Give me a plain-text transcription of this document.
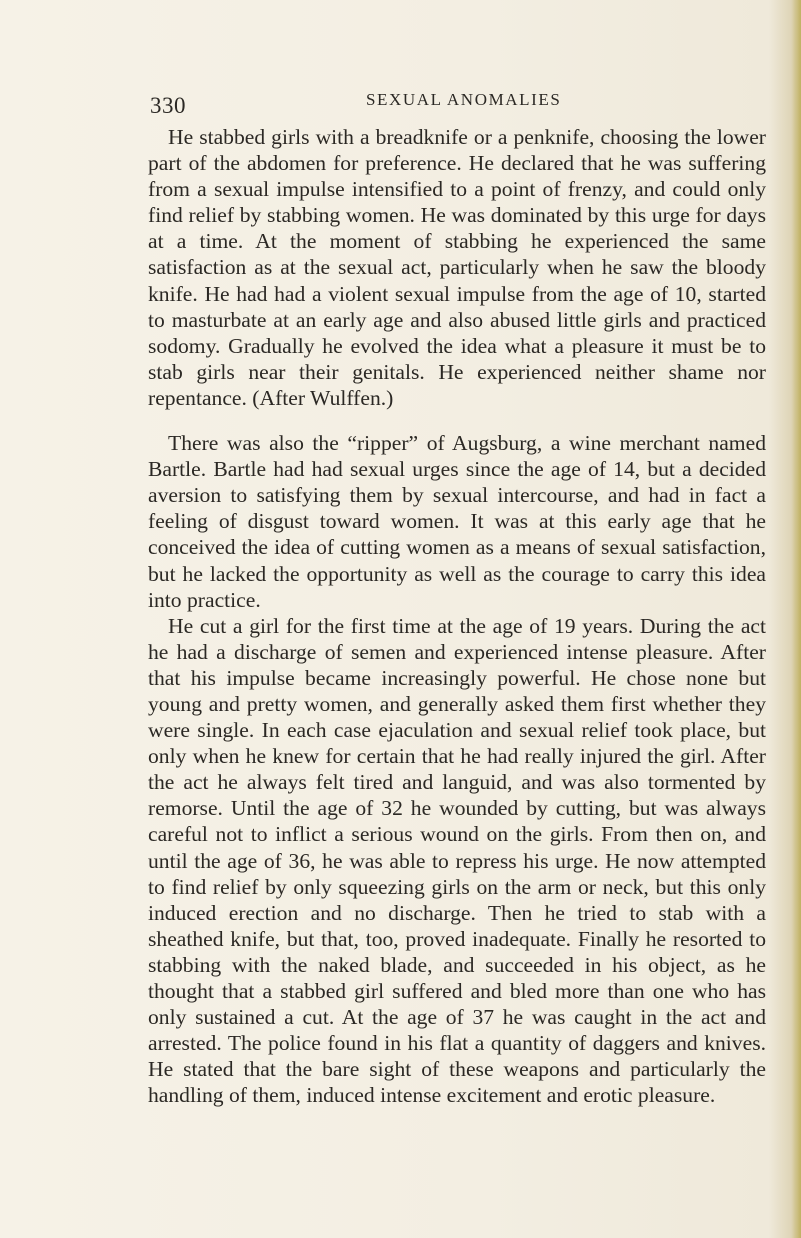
330	SEXUAL ANOMALIES

He stabbed girls with a breadknife or a penknife, choosing the lower part of the abdomen for preference. He declared that he was suffering from a sexual impulse intensified to a point of frenzy, and could only find relief by stabbing women. He was dominated by this urge for days at a time. At the moment of stabbing he experienced the same satisfaction as at the sexual act, particularly when he saw the bloody knife. He had had a violent sexual impulse from the age of 10, started to masturbate at an early age and also abused little girls and practiced sodomy. Gradually he evolved the idea what a pleasure it must be to stab girls near their genitals. He experienced neither shame nor repentance. (After Wulffen.)

There was also the “ripper” of Augsburg, a wine merchant named Bartle. Bartle had had sexual urges since the age of 14, but a decided aversion to satisfying them by sexual intercourse, and had in fact a feeling of disgust toward women. It was at this early age that he conceived the idea of cutting women as a means of sexual satisfaction, but he lacked the opportunity as well as the courage to carry this idea into practice.

He cut a girl for the first time at the age of 19 years. During the act he had a discharge of semen and experienced intense pleasure. After that his impulse became increasingly powerful. He chose none but young and pretty women, and generally asked them first whether they were single. In each case ejaculation and sexual relief took place, but only when he knew for certain that he had really injured the girl. After the act he always felt tired and languid, and was also tormented by remorse. Until the age of 32 he wounded by cutting, but was always careful not to inflict a serious wound on the girls. From then on, and until the age of 36, he was able to repress his urge. He now attempted to find relief by only squeezing girls on the arm or neck, but this only induced erection and no discharge. Then he tried to stab with a sheathed knife, but that, too, proved inadequate. Finally he resorted to stabbing with the naked blade, and succeeded in his object, as he thought that a stabbed girl suffered and bled more than one who has only sustained a cut. At the age of 37 he was caught in the act and arrested. The police found in his flat a quantity of daggers and knives. He stated that the bare sight of these weapons and particularly the handling of them, induced intense excitement and erotic pleasure.
